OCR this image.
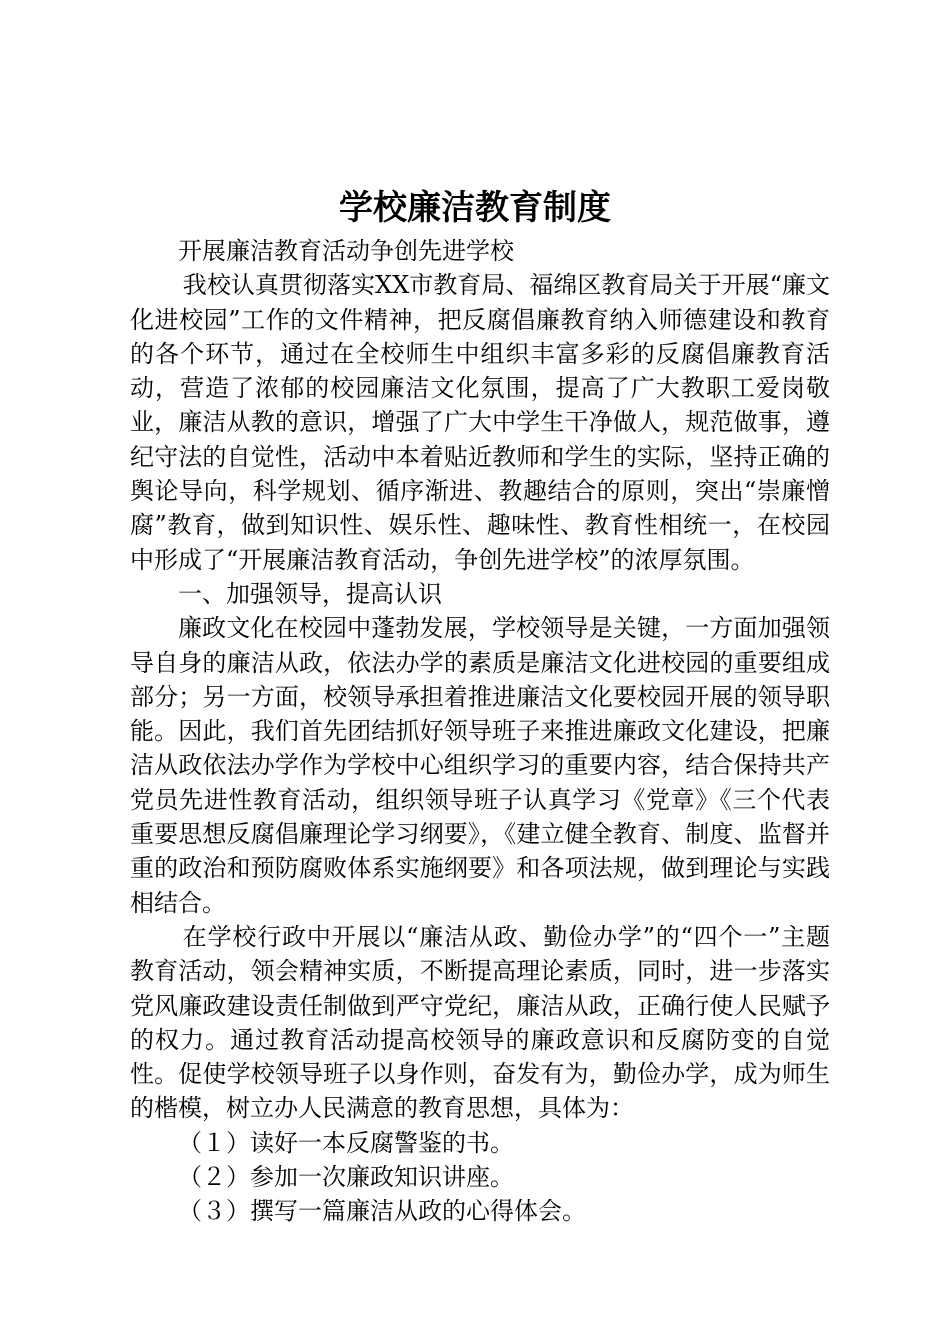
学校廉洁教育制度

开展廉洁教育活动争创先进学校

我校认真贯彻落实XX市教育局、福绵区教育局关于开展“廉文化进校园”工作的文件精神，把反腐倡廉教育纳入师德建设和教育的各个环节，通过在全校师生中组织丰富多彩的反腐倡廉教育活动，营造了浓郁的校园廉洁文化氛围，提高了广大教职工爱岗敬业，廉洁从教的意识，增强了广大中学生干净做人，规范做事，遵纪守法的自觉性，活动中本着贴近教师和学生的实际，坚持正确的舆论导向，科学规划、循序渐进、教趣结合的原则，突出“崇廉憎腐”教育，做到知识性、娱乐性、趣味性、教育性相统一，在校园中形成了“开展廉洁教育活动，争创先进学校”的浓厚氛围。

一、加强领导，提高认识

廉政文化在校园中蓬勃发展，学校领导是关键，一方面加强领导自身的廉洁从政，依法办学的素质是廉洁文化进校园的重要组成部分；另一方面，校领导承担着推进廉洁文化要校园开展的领导职能。因此，我们首先团结抓好领导班子来推进廉政文化建设，把廉洁从政依法办学作为学校中心组织学习的重要内容，结合保持共产党员先进性教育活动，组织领导班子认真学习《党章》《三个代表重要思想反腐倡廉理论学习纲要》，《建立健全教育、制度、监督并重的政治和预防腐败体系实施纲要》和各项法规，做到理论与实践相结合。

在学校行政中开展以“廉洁从政、勤俭办学”的“四个一”主题教育活动，领会精神实质，不断提高理论素质，同时，进一步落实党风廉政建设责任制做到严守党纪，廉洁从政，正确行使人民赋予的权力。通过教育活动提高校领导的廉政意识和反腐防变的自觉性。促使学校领导班子以身作则，奋发有为，勤俭办学，成为师生的楷模，树立办人民满意的教育思想，具体为：

（１）读好一本反腐警鉴的书。

（２）参加一次廉政知识讲座。

（３）撰写一篇廉洁从政的心得体会。
